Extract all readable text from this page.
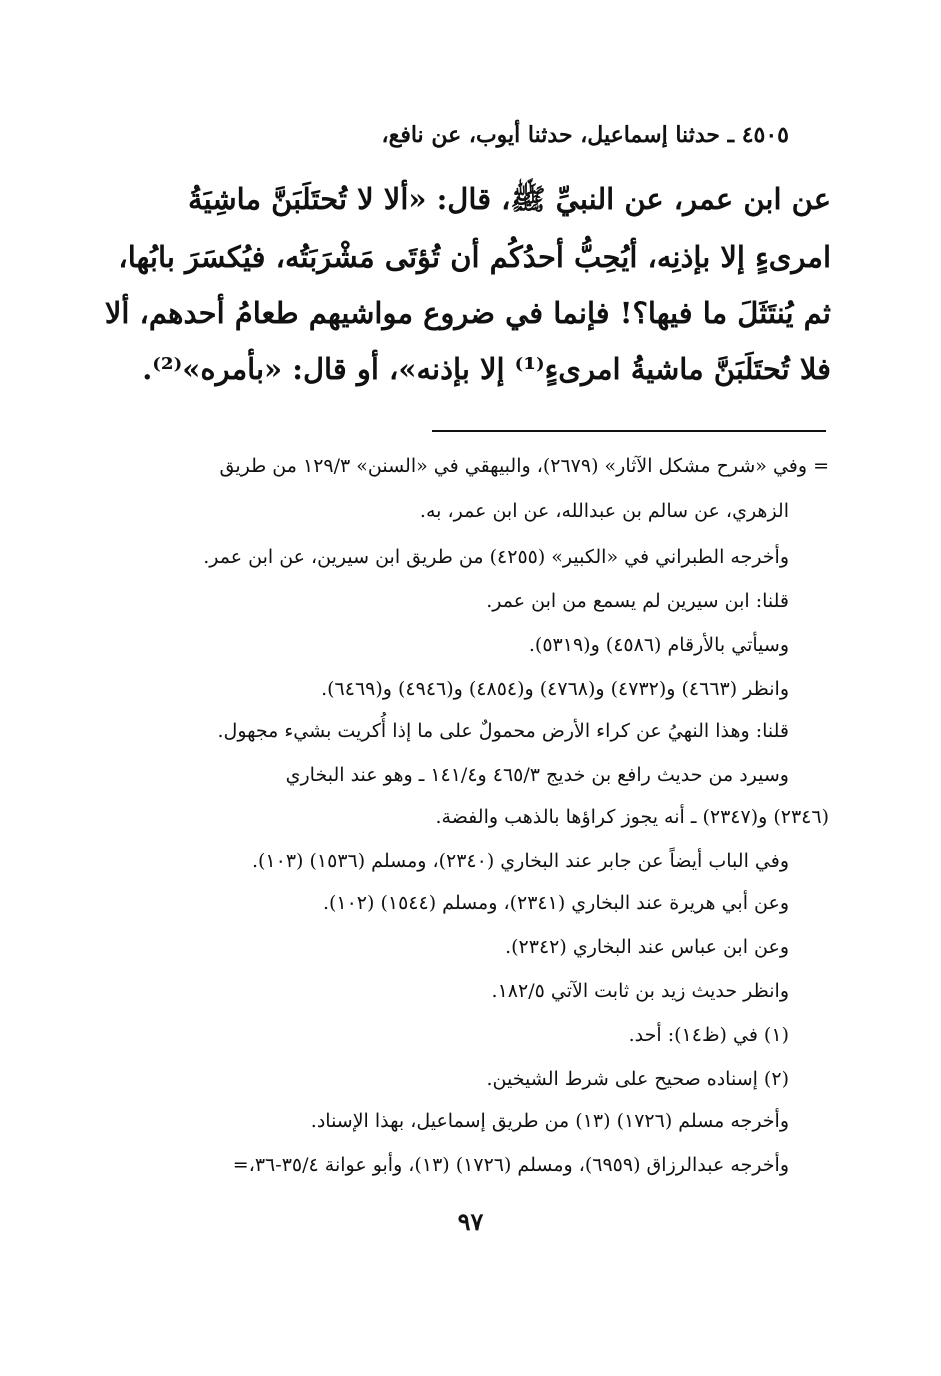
٤٥٠٥ ـ حدثنا إسماعيل، حدثنا أيوب، عن نافع،
عن ابن عمر، عن النبيِّ ﷺ، قال: «ألا لا تُحتَلَبَنَّ ماشِيَةُ
امرىءٍ إلا بإذنِه، أيُحِبُّ أحدُكُم أن تُؤتَى مَشْرَبَتُه، فيُكسَرَ بابُها،
ثم يُنتَثَلَ ما فيها؟! فإنما في ضروع مواشيهم طعامُ أحدهم، ألا
فلا تُحتَلَبَنَّ ماشيةُ امرىءٍ⁽¹⁾ إلا بإذنه»، أو قال: «بأمره»⁽²⁾.
= وفي «شرح مشكل الآثار» (٢٦٧٩)، والبيهقي في «السنن» ١٢٩/٣ من طريق
الزهري، عن سالم بن عبدالله، عن ابن عمر، به.
وأخرجه الطبراني في «الكبير» (٤٢٥٥) من طريق ابن سيرين، عن ابن عمر.
قلنا: ابن سيرين لم يسمع من ابن عمر.
وسيأتي بالأرقام (٤٥٨٦) و(٥٣١٩).
وانظر (٤٦٦٣) و(٤٧٣٢) و(٤٧٦٨) و(٤٨٥٤) و(٤٩٤٦) و(٦٤٦٩).
قلنا: وهذا النهيُ عن كراء الأرض محمولٌ على ما إذا أُكريت بشيء مجهول.
وسيرد من حديث رافع بن خديج ٤٦٥/٣ و١٤١/٤ ـ وهو عند البخاري
(٢٣٤٦) و(٢٣٤٧) ـ أنه يجوز كراؤها بالذهب والفضة.
وفي الباب أيضاً عن جابر عند البخاري (٢٣٤٠)، ومسلم (١٥٣٦) (١٠٣).
وعن أبي هريرة عند البخاري (٢٣٤١)، ومسلم (١٥٤٤) (١٠٢).
وعن ابن عباس عند البخاري (٢٣٤٢).
وانظر حديث زيد بن ثابت الآتي ١٨٢/٥.
(١) في (ظ١٤): أحد.
(٢) إسناده صحيح على شرط الشيخين.
وأخرجه مسلم (١٧٢٦) (١٣) من طريق إسماعيل، بهذا الإسناد.
وأخرجه عبدالرزاق (٦٩٥٩)، ومسلم (١٧٢٦) (١٣)، وأبو عوانة ٣٥/٤-٣٦،=
٩٧
